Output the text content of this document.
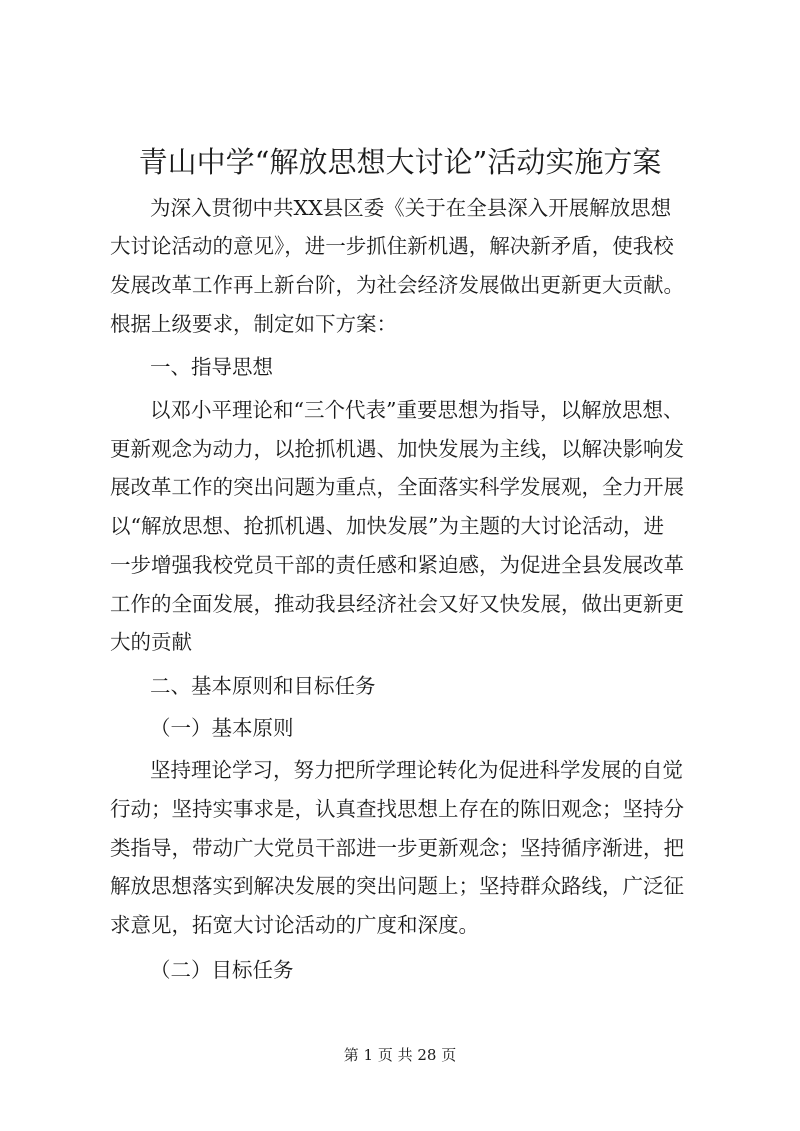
青山中学“解放思想大讨论”活动实施方案
为深入贯彻中共XX县区委《关于在全县深入开展解放思想
大讨论活动的意见》，进一步抓住新机遇，解决新矛盾，使我校
发展改革工作再上新台阶，为社会经济发展做出更新更大贡献。
根据上级要求，制定如下方案：
一、指导思想
以邓小平理论和“三个代表”重要思想为指导，以解放思想、
更新观念为动力，以抢抓机遇、加快发展为主线，以解决影响发
展改革工作的突出问题为重点，全面落实科学发展观，全力开展
以“解放思想、抢抓机遇、加快发展”为主题的大讨论活动，进
一步增强我校党员干部的责任感和紧迫感，为促进全县发展改革
工作的全面发展，推动我县经济社会又好又快发展，做出更新更
大的贡献
二、基本原则和目标任务
（一）基本原则
坚持理论学习，努力把所学理论转化为促进科学发展的自觉
行动；坚持实事求是，认真查找思想上存在的陈旧观念；坚持分
类指导，带动广大党员干部进一步更新观念；坚持循序渐进，把
解放思想落实到解决发展的突出问题上；坚持群众路线，广泛征
求意见，拓宽大讨论活动的广度和深度。
（二）目标任务
第 1 页 共 28 页
